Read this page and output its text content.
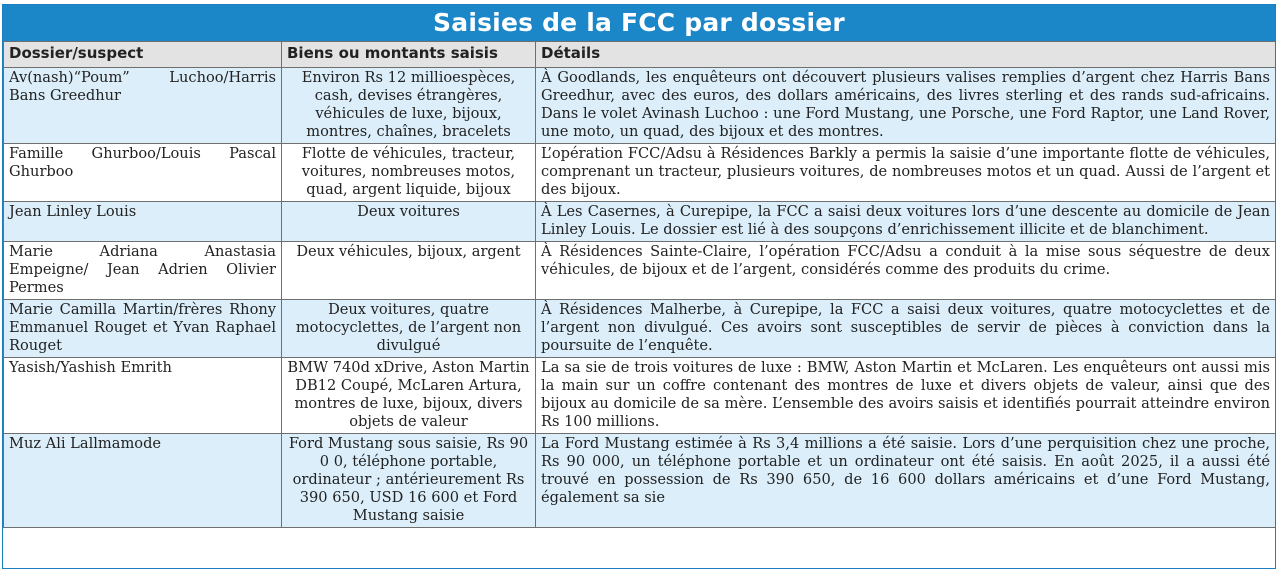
Saisies de la FCC par dossier
Dossier/suspect	Biens ou montants saisis	Détails
Av(nash)“Poum” Luchoo/Harris Bans Greedhur	Environ Rs 12 millioespèces, cash, devises étrangères, véhicules de luxe, bijoux, montres, chaînes, bracelets	À Goodlands, les enquêteurs ont découvert plusieurs valises remplies d’argent chez Harris Bans Greedhur, avec des euros, des dollars américains, des livres sterling et des rands sud-africains. Dans le volet Avinash Luchoo : une Ford Mustang, une Porsche, une Ford Raptor, une Land Rover, une moto, un quad, des bijoux et des montres.
Famille Ghurboo/Louis Pascal Ghurboo	Flotte de véhicules, tracteur, voitures, nombreuses motos, quad, argent liquide, bijoux	L’opération FCC/Adsu à Résidences Barkly a permis la saisie d’une importante flotte de véhicules, comprenant un tracteur, plusieurs voitures, de nombreuses motos et un quad. Aussi de l’argent et des bijoux.
Jean Linley Louis	Deux voitures	À Les Casernes, à Curepipe, la FCC a saisi deux voitures lors d’une descente au domicile de Jean Linley Louis. Le dossier est lié à des soupçons d’enrichissement illicite et de blanchiment.
Marie Adriana Anastasia Empeigne/ Jean Adrien Olivier Permes	Deux véhicules, bijoux, argent	À Résidences Sainte-Claire, l’opération FCC/Adsu a conduit à la mise sous séquestre de deux véhicules, de bijoux et de l’argent, considérés comme des produits du crime.
Marie Camilla Martin/frères Rhony Emmanuel Rouget et Yvan Raphael Rouget	Deux voitures, quatre motocyclettes, de l’argent non divulgué	À Résidences Malherbe, à Curepipe, la FCC a saisi deux voitures, quatre motocyclettes et de l’argent non divulgué. Ces avoirs sont susceptibles de servir de pièces à conviction dans la poursuite de l’enquête.
Yasish/Yashish Emrith	BMW 740d xDrive, Aston Martin DB12 Coupé, McLaren Artura, montres de luxe, bijoux, divers objets de valeur	La sa sie de trois voitures de luxe : BMW, Aston Martin et McLaren. Les enquêteurs ont aussi mis la main sur un coffre contenant des montres de luxe et divers objets de valeur, ainsi que des bijoux au domicile de sa mère. L’ensemble des avoirs saisis et identifiés pourrait atteindre environ Rs 100 millions.
Muz Ali Lallmamode	Ford Mustang sous saisie, Rs 90 0 0, téléphone portable, ordinateur ; antérieurement Rs 390 650, USD 16 600 et Ford Mustang saisie	La Ford Mustang estimée à Rs 3,4 millions a été saisie. Lors d’une perquisition chez une proche, Rs 90 000, un téléphone portable et un ordinateur ont été saisis. En août 2025, il a aussi été trouvé en possession de Rs 390 650, de 16 600 dollars américains et d’une Ford Mustang, également sa sie
